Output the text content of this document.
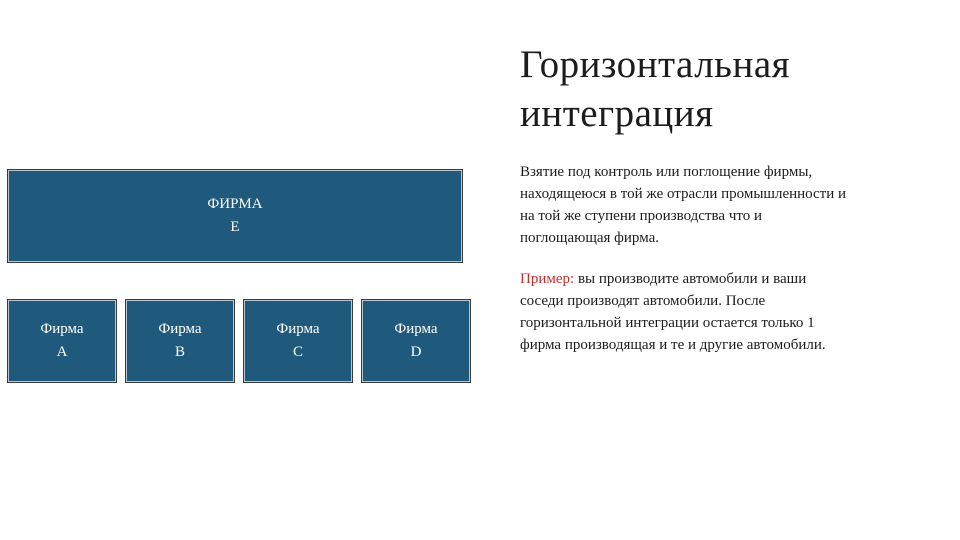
ФИРМА
E
Фирма
A
Фирма
B
Фирма
C
Фирма
D
Горизонтальная
интеграция

Взятие под контроль или поглощение фирмы, находящеюся в той же отрасли промышленности и на той же ступени производства что и поглощающая фирма.

Пример: вы производите автомобили и ваши соседи производят автомобили. После горизонтальной интеграции остается только 1 фирма производящая и те и другие автомобили.
